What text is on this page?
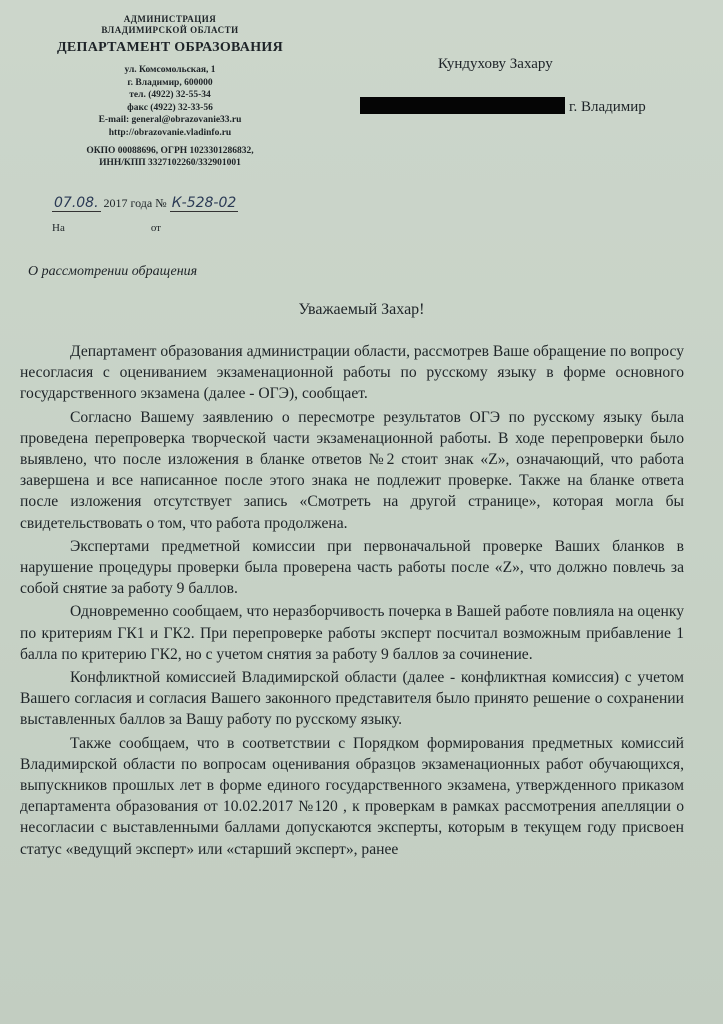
АДМИНИСТРАЦИЯ
ВЛАДИМИРСКОЙ ОБЛАСТИ
ДЕПАРТАМЕНТ ОБРАЗОВАНИЯ
ул. Комсомольская, 1
г. Владимир, 600000
тел. (4922) 32-55-34
факс (4922) 32-33-56
E-mail: general@obrazovanie33.ru
http://obrazovanie.vladinfo.ru
ОКПО 00088696, ОГРН 1023301286832,
ИНН/КПП 3327102260/332901001
07.08. 2017 года № К-528-02
На	от
Кундухову Захару
г. Владимир
О рассмотрении обращения
Уважаемый Захар!

Департамент образования администрации области, рассмотрев Ваше обращение по вопросу несогласия с оцениванием экзаменационной работы по русскому языку в форме основного государственного экзамена (далее - ОГЭ), сообщает.

Согласно Вашему заявлению о пересмотре результатов ОГЭ по русскому языку была проведена перепроверка творческой части экзаменационной работы. В ходе перепроверки было выявлено, что после изложения в бланке ответов №2 стоит знак «Z», означающий, что работа завершена и все написанное после этого знака не подлежит проверке. Также на бланке ответа после изложения отсутствует запись «Смотреть на другой странице», которая могла бы свидетельствовать о том, что работа продолжена.

Экспертами предметной комиссии при первоначальной проверке Ваших бланков в нарушение процедуры проверки была проверена часть работы после «Z», что должно повлечь за собой снятие за работу 9 баллов.

Одновременно сообщаем, что неразборчивость почерка в Вашей работе повлияла на оценку по критериям ГК1 и ГК2. При перепроверке работы эксперт посчитал возможным прибавление 1 балла по критерию ГК2, но с учетом снятия за работу 9 баллов за сочинение.

Конфликтной комиссией Владимирской области (далее - конфликтная комиссия) с учетом Вашего согласия и согласия Вашего законного представителя было принято решение о сохранении выставленных баллов за Вашу работу по русскому языку.

Также сообщаем, что в соответствии с Порядком формирования предметных комиссий Владимирской области по вопросам оценивания образцов экзаменационных работ обучающихся, выпускников прошлых лет в форме единого государственного экзамена, утвержденного приказом департамента образования от 10.02.2017 №120 , к проверкам в рамках рассмотрения апелляции о несогласии с выставленными баллами допускаются эксперты, которым в текущем году присвоен статус «ведущий эксперт» или «старший эксперт», ранее
